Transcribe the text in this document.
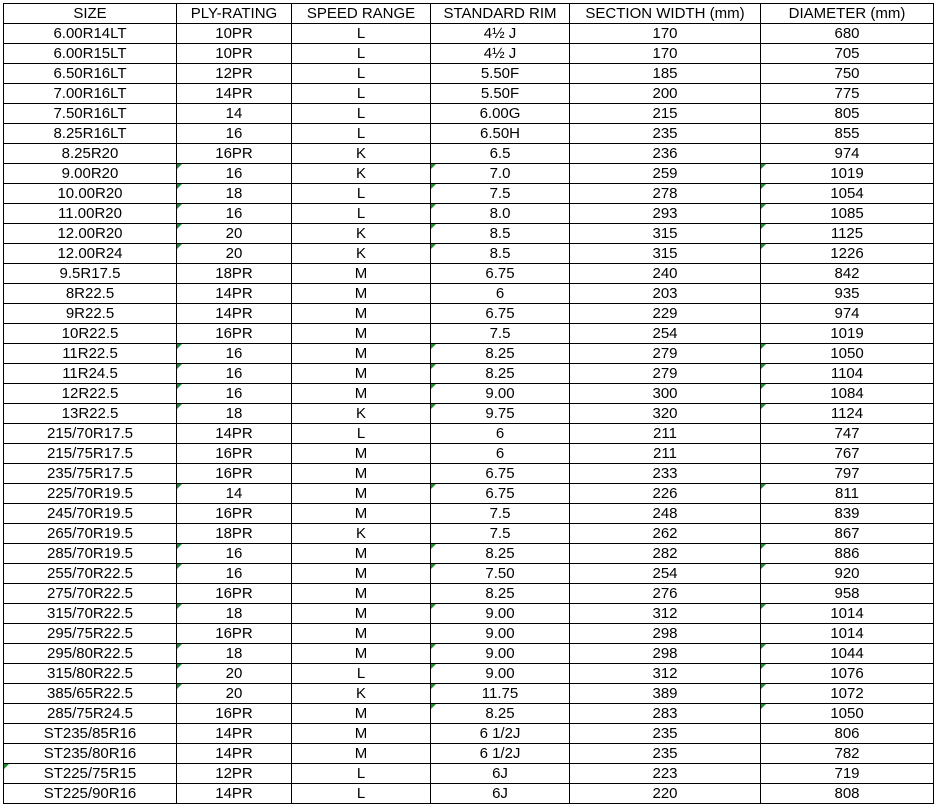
SIZE	PLY-RATING	SPEED RANGE	STANDARD RIM	SECTION WIDTH (mm)	DIAMETER (mm)
6.00R14LT	10PR	L	4½ J	170	680
6.00R15LT	10PR	L	4½ J	170	705
6.50R16LT	12PR	L	5.50F	185	750
7.00R16LT	14PR	L	5.50F	200	775
7.50R16LT	14	L	6.00G	215	805
8.25R16LT	16	L	6.50H	235	855
8.25R20	16PR	K	6.5	236	974
9.00R20	16	K	7.0	259	1019
10.00R20	18	L	7.5	278	1054
11.00R20	16	L	8.0	293	1085
12.00R20	20	K	8.5	315	1125
12.00R24	20	K	8.5	315	1226
9.5R17.5	18PR	M	6.75	240	842
8R22.5	14PR	M	6	203	935
9R22.5	14PR	M	6.75	229	974
10R22.5	16PR	M	7.5	254	1019
11R22.5	16	M	8.25	279	1050
11R24.5	16	M	8.25	279	1104
12R22.5	16	M	9.00	300	1084
13R22.5	18	K	9.75	320	1124
215/70R17.5	14PR	L	6	211	747
215/75R17.5	16PR	M	6	211	767
235/75R17.5	16PR	M	6.75	233	797
225/70R19.5	14	M	6.75	226	811
245/70R19.5	16PR	M	7.5	248	839
265/70R19.5	18PR	K	7.5	262	867
285/70R19.5	16	M	8.25	282	886
255/70R22.5	16	M	7.50	254	920
275/70R22.5	16PR	M	8.25	276	958
315/70R22.5	18	M	9.00	312	1014
295/75R22.5	16PR	M	9.00	298	1014
295/80R22.5	18	M	9.00	298	1044
315/80R22.5	20	L	9.00	312	1076
385/65R22.5	20	K	11.75	389	1072
285/75R24.5	16PR	M	8.25	283	1050
ST235/85R16	14PR	M	6 1/2J	235	806
ST235/80R16	14PR	M	6 1/2J	235	782
ST225/75R15	12PR	L	6J	223	719
ST225/90R16	14PR	L	6J	220	808
